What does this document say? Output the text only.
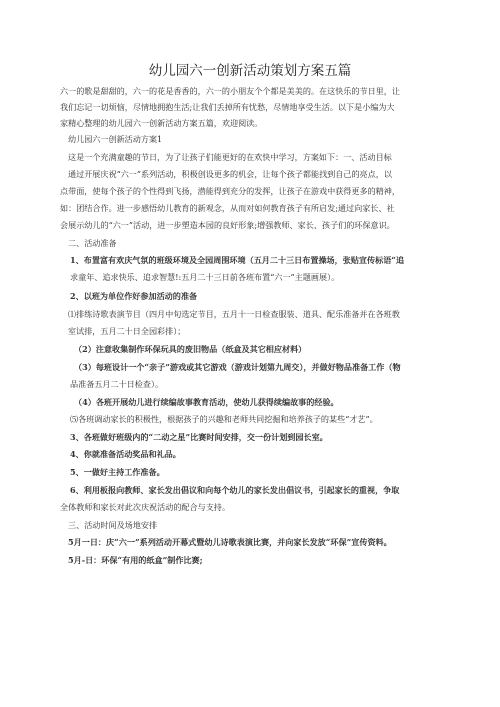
幼儿园六一创新活动策划方案五篇
六一的歌是甜甜的，六一的花是香香的，六一的小朋友个个都是美美的。在这快乐的节日里，让
我们忘记一切烦恼，尽情地拥抱生活;让我们丢掉所有忧愁，尽情地享受生活。以下是小编为大
家精心整理的幼儿园六一创新活动方案五篇，欢迎阅读。
幼儿园六一创新活动方案1
这是一个充满童趣的节日，为了让孩子们能更好的在欢快中学习，方案如下：一、活动目标
通过开展庆祝“六一”系列活动，积极创设更多的机会，让每个孩子都能找到自己的亮点，以
点带面，使每个孩子的个性得到飞扬，潜能得到充分的发挥，让孩子在游戏中获得更多的精神，
如：团结合作。进一步感悟幼儿教育的新观念，从而对如何教育孩子有所启发;通过向家长、社
会展示幼儿的“六一”活动，进一步塑造本园的良好形象;增强教师、家长、孩子们的环保意识。
二、活动准备
1、布置富有欢庆气氛的班级环境及全园周围环境（五月二十三日布置操场，张贴宣传标语“追
求童年、追求快乐、追求智慧!:五月二十三日前各班布置“六一”主题画展）。
2、以班为单位作好参加活动的准备
⑴排练诗歌表演节目（四月中旬选定节目，五月十一日检查服装、道具、配乐准备并在各班教
室试排，五月二十日全园彩排）；
（2）注意收集制作环保玩具的废旧物品（纸盒及其它相应材料）
（3）每班设计一个“亲子”游戏或其它游戏（游戏计划第九周交），并做好物品准备工作（物
品准备五月二十日检查）。
（4）各班开展幼儿进行续编故事教育活动，使幼儿获得续编故事的经验。
⑸各班调动家长的积极性，根据孩子的兴趣和老师共同挖掘和培养孩子的某些“才艺”。
3、各班做好班级内的“二动之星”比赛时间安排，交一份计划到园长室。
4、你就准备活动奖品和礼品。
5、一做好主持工作准备。
6、利用板报向教师、家长发出倡议和向每个幼儿的家长发出倡议书，引起家长的重视，争取
全体教师和家长对此次庆祝活动的配合与支持。
三、活动时间及场地安排
5月一日：庆“六一”系列活动开幕式暨幼儿诗歌表演比赛，并向家长发放“环保”宣传资料。
5月-日：环保“有用的纸盒”制作比赛;
